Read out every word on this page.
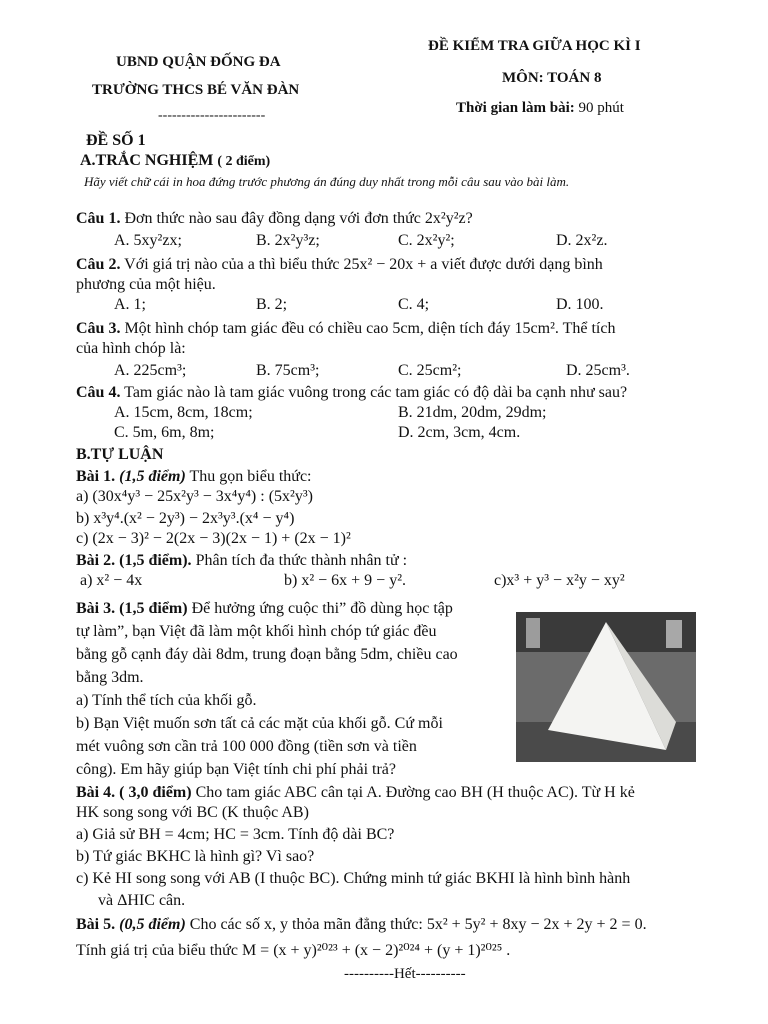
UBND QUẬN ĐỐNG ĐA
TRƯỜNG THCS BÉ VĂN ĐÀN
-----------------------
ĐỀ KIỂM TRA GIỮA HỌC KÌ I
MÔN: TOÁN 8
Thời gian làm bài: 90 phút
ĐỀ SỐ 1
A.TRẮC NGHIỆM ( 2 điểm)
Hãy viết chữ cái in hoa đứng trước phương án đúng duy nhất trong mỗi câu sau vào bài làm.
Câu 1. Đơn thức nào sau đây đồng dạng với đơn thức 2x²y²z?
A. 5xy²zx;	B. 2x²y³z;	C. 2x²y²;	D. 2x²z.
Câu 2. Với giá trị nào của a thì biểu thức 25x² − 20x + a viết được dưới dạng bình
phương của một hiệu.
A. 1;	B. 2;	C. 4;	D. 100.
Câu 3. Một hình chóp tam giác đều có chiều cao 5cm, diện tích đáy 15cm². Thể tích
của hình chóp là:
A. 225cm³;	B. 75cm³;	C. 25cm²;	D. 25cm³.
Câu 4. Tam giác nào là tam giác vuông trong các tam giác có độ dài ba cạnh như sau?
A. 15cm, 8cm, 18cm;	B. 21dm, 20dm, 29dm;
C. 5m, 6m, 8m;	D. 2cm, 3cm, 4cm.
B.TỰ LUẬN
Bài 1. (1,5 điểm) Thu gọn biểu thức:
a) (30x⁴y³ − 25x²y³ − 3x⁴y⁴) : (5x²y³)
b) x³y⁴.(x² − 2y³) − 2x³y³.(x⁴ − y⁴)
c) (2x − 3)² − 2(2x − 3)(2x − 1) + (2x − 1)²
Bài 2. (1,5 điểm). Phân tích đa thức thành nhân tử :
a) x² − 4x	b) x² − 6x + 9 − y².	c)x³ + y³ − x²y − xy²
Bài 3. (1,5 điểm) Để hưởng ứng cuộc thi” đồ dùng học tập
tự làm”, bạn Việt đã làm một khối hình chóp tứ giác đều
bằng gỗ cạnh đáy dài 8dm, trung đoạn bằng 5dm, chiều cao
bằng 3dm.
a) Tính thể tích của khối gỗ.
b) Bạn Việt muốn sơn tất cả các mặt của khối gỗ. Cứ mỗi
mét vuông sơn cần trả 100 000 đồng (tiền sơn và tiền
công). Em hãy giúp bạn Việt tính chi phí phải trả?
Bài 4. ( 3,0 điểm) Cho tam giác ABC cân tại A. Đường cao BH (H thuộc AC). Từ H kẻ
HK song song với BC (K thuộc AB)
a) Giả sử BH = 4cm; HC = 3cm. Tính độ dài BC?
b) Tứ giác BKHC là hình gì? Vì sao?
c) Kẻ HI song song với AB (I thuộc BC). Chứng minh tứ giác BKHI là hình bình hành
và ΔHIC cân.
Bài 5. (0,5 điểm) Cho các số x, y thỏa mãn đẳng thức: 5x² + 5y² + 8xy − 2x + 2y + 2 = 0.
Tính giá trị của biểu thức M = (x + y)²⁰²³ + (x − 2)²⁰²⁴ + (y + 1)²⁰²⁵ .
----------Hết----------
